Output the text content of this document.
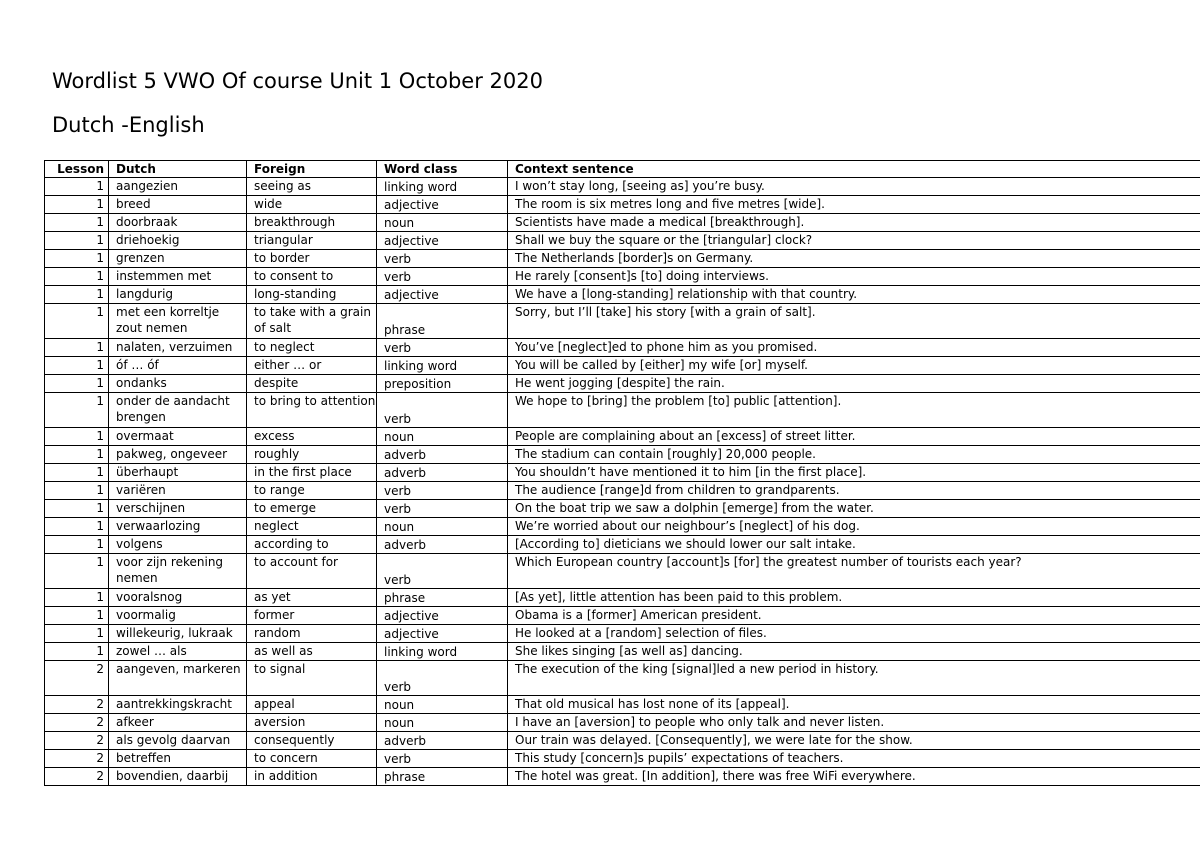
Wordlist 5 VWO Of course Unit 1 October 2020
Dutch -English
Lesson	Dutch	Foreign	Word class	Context sentence
1	aangezien	seeing as	linking word	I won’t stay long, [seeing as] you’re busy.
1	breed	wide	adjective	The room is six metres long and five metres [wide].
1	doorbraak	breakthrough	noun	Scientists have made a medical [breakthrough].
1	driehoekig	triangular	adjective	Shall we buy the square or the [triangular] clock?
1	grenzen	to border	verb	The Netherlands [border]s on Germany.
1	instemmen met	to consent to	verb	He rarely [consent]s [to] doing interviews.
1	langdurig	long-standing	adjective	We have a [long-standing] relationship with that country.
1	met een korreltje zout nemen	to take with a grain of salt	phrase	Sorry, but I’ll [take] his story [with a grain of salt].
1	nalaten, verzuimen	to neglect	verb	You’ve [neglect]ed to phone him as you promised.
1	óf … óf	either … or	linking word	You will be called by [either] my wife [or] myself.
1	ondanks	despite	preposition	He went jogging [despite] the rain.
1	onder de aandacht brengen	to bring to attention	verb	We hope to [bring] the problem [to] public [attention].
1	overmaat	excess	noun	People are complaining about an [excess] of street litter.
1	pakweg, ongeveer	roughly	adverb	The stadium can contain [roughly] 20,000 people.
1	überhaupt	in the first place	adverb	You shouldn’t have mentioned it to him [in the first place].
1	variëren	to range	verb	The audience [range]d from children to grandparents.
1	verschijnen	to emerge	verb	On the boat trip we saw a dolphin [emerge] from the water.
1	verwaarlozing	neglect	noun	We’re worried about our neighbour’s [neglect] of his dog.
1	volgens	according to	adverb	[According to] dieticians we should lower our salt intake.
1	voor zijn rekening nemen	to account for	verb	Which European country [account]s [for] the greatest number of tourists each year?
1	vooralsnog	as yet	phrase	[As yet], little attention has been paid to this problem.
1	voormalig	former	adjective	Obama is a [former] American president.
1	willekeurig, lukraak	random	adjective	He looked at a [random] selection of files.
1	zowel … als	as well as	linking word	She likes singing [as well as] dancing.
2	aangeven, markeren	to signal	verb	The execution of the king [signal]led a new period in history.
2	aantrekkingskracht	appeal	noun	That old musical has lost none of its [appeal].
2	afkeer	aversion	noun	I have an [aversion] to people who only talk and never listen.
2	als gevolg daarvan	consequently	adverb	Our train was delayed. [Consequently], we were late for the show.
2	betreffen	to concern	verb	This study [concern]s pupils’ expectations of teachers.
2	bovendien, daarbij	in addition	phrase	The hotel was great. [In addition], there was free WiFi everywhere.
